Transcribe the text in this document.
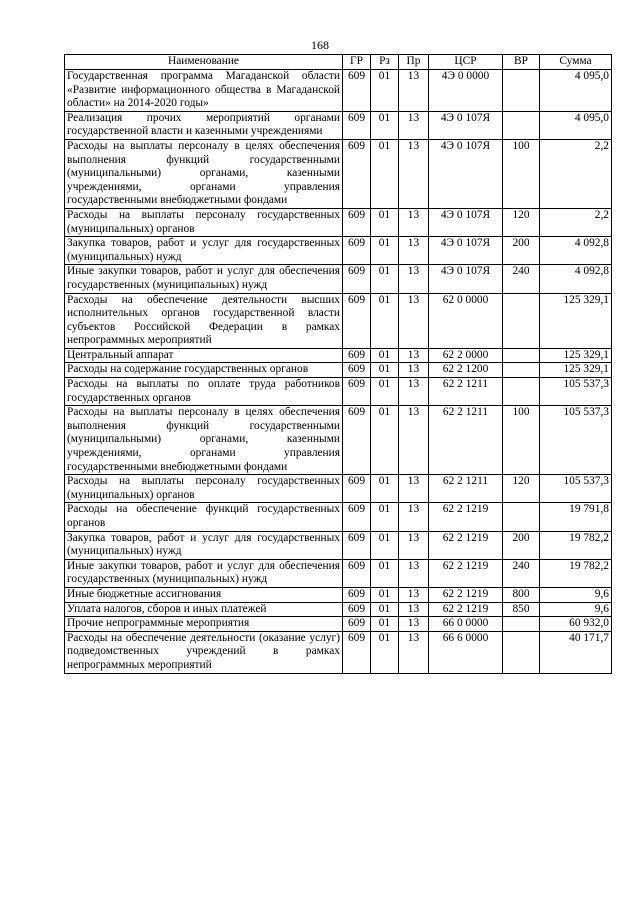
168
Наименование	ГР	Рз	Пр	ЦСР	ВР	Сумма
Государственная программа Магаданской области «Развитие информационного общества в Магаданской области» на 2014-2020 годы»	609	01	13	4Э 0 0000		4 095,0
Реализация прочих мероприятий органами государственной власти и казенными учреждениями	609	01	13	4Э 0 107Я		4 095,0
Расходы на выплаты персоналу в целях обеспечения выполнения функций государственными (муниципальными) органами, казенными учреждениями, органами управления государственными внебюджетными фондами	609	01	13	4Э 0 107Я	100	2,2
Расходы на выплаты персоналу государственных (муниципальных) органов	609	01	13	4Э 0 107Я	120	2,2
Закупка товаров, работ и услуг для государственных (муниципальных) нужд	609	01	13	4Э 0 107Я	200	4 092,8
Иные закупки товаров, работ и услуг для обеспечения государственных (муниципальных) нужд	609	01	13	4Э 0 107Я	240	4 092,8
Расходы на обеспечение деятельности высших исполнительных органов государственной власти субъектов Российской Федерации в рамках непрограммных мероприятий	609	01	13	62 0 0000		125 329,1
Центральный аппарат	609	01	13	62 2 0000		125 329,1
Расходы на содержание государственных органов	609	01	13	62 2 1200		125 329,1
Расходы на выплаты по оплате труда работников государственных органов	609	01	13	62 2 1211		105 537,3
Расходы на выплаты персоналу в целях обеспечения выполнения функций государственными (муниципальными) органами, казенными учреждениями, органами управления государственными внебюджетными фондами	609	01	13	62 2 1211	100	105 537,3
Расходы на выплаты персоналу государственных (муниципальных) органов	609	01	13	62 2 1211	120	105 537,3
Расходы на обеспечение функций государственных органов	609	01	13	62 2 1219		19 791,8
Закупка товаров, работ и услуг для государственных (муниципальных) нужд	609	01	13	62 2 1219	200	19 782,2
Иные закупки товаров, работ и услуг для обеспечения государственных (муниципальных) нужд	609	01	13	62 2 1219	240	19 782,2
Иные бюджетные ассигнования	609	01	13	62 2 1219	800	9,6
Уплата налогов, сборов и иных платежей	609	01	13	62 2 1219	850	9,6
Прочие непрограммные мероприятия	609	01	13	66 0 0000		60 932,0
Расходы на обеспечение деятельности (оказание услуг) подведомственных учреждений в рамках непрограммных мероприятий	609	01	13	66 6 0000		40 171,7
